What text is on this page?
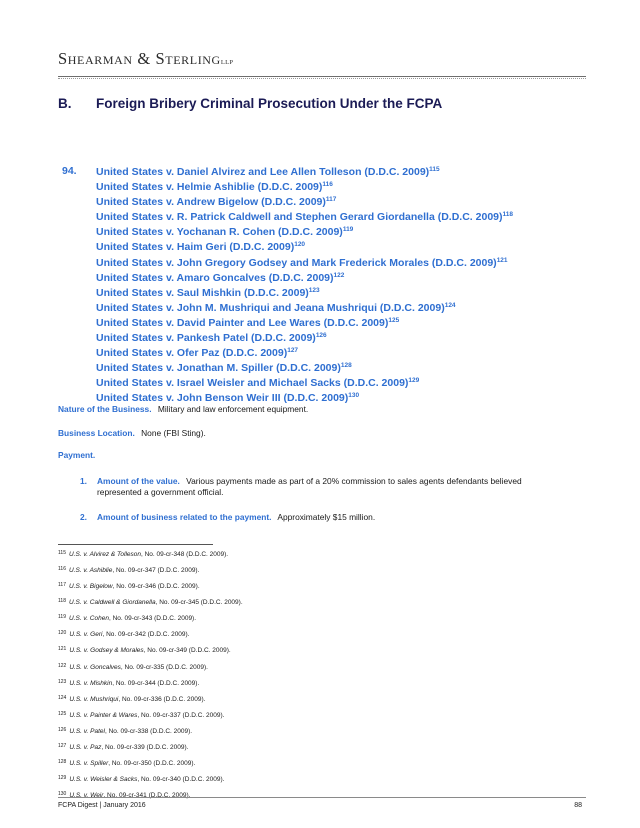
Shearman & SterlingLLP
B. Foreign Bribery Criminal Prosecution Under the FCPA
94. United States v. Daniel Alvirez and Lee Allen Tolleson (D.D.C. 2009)$^{115}$
United States v. Helmie Ashiblie (D.D.C. 2009)$^{116}$
United States v. Andrew Bigelow (D.D.C. 2009)$^{117}$
United States v. R. Patrick Caldwell and Stephen Gerard Giordanella (D.D.C. 2009)$^{118}$
United States v. Yochanan R. Cohen (D.D.C. 2009)$^{119}$
United States v. Haim Geri (D.D.C. 2009)$^{120}$
United States v. John Gregory Godsey and Mark Frederick Morales (D.D.C. 2009)$^{121}$
United States v. Amaro Goncalves (D.D.C. 2009)$^{122}$
United States v. Saul Mishkin (D.D.C. 2009)$^{123}$
United States v. John M. Mushriqui and Jeana Mushriqui (D.D.C. 2009)$^{124}$
United States v. David Painter and Lee Wares (D.D.C. 2009)$^{125}$
United States v. Pankesh Patel (D.D.C. 2009)$^{126}$
United States v. Ofer Paz (D.D.C. 2009)$^{127}$
United States v. Jonathan M. Spiller (D.D.C. 2009)$^{128}$
United States v. Israel Weisler and Michael Sacks (D.D.C. 2009)$^{129}$
United States v. John Benson Weir III (D.D.C. 2009)$^{130}$
Nature of the Business. Military and law enforcement equipment.
Business Location. None (FBI Sting).
Payment.
1. Amount of the value. Various payments made as part of a 20% commission to sales agents defendants believed represented a government official.
2. Amount of business related to the payment. Approximately $15 million.
$^{115}$ U.S. v. Alvirez & Tolleson, No. 09-cr-348 (D.D.C. 2009).
$^{116}$ U.S. v. Ashiblie, No. 09-cr-347 (D.D.C. 2009).
$^{117}$ U.S. v. Bigelow, No. 09-cr-346 (D.D.C. 2009).
$^{118}$ U.S. v. Caldwell & Giordanella, No. 09-cr-345 (D.D.C. 2009).
$^{119}$ U.S. v. Cohen, No. 09-cr-343 (D.D.C. 2009).
$^{120}$ U.S. v. Geri, No. 09-cr-342 (D.D.C. 2009).
$^{121}$ U.S. v. Godsey & Morales, No. 09-cr-349 (D.D.C. 2009).
$^{122}$ U.S. v. Goncalves, No. 09-cr-335 (D.D.C. 2009).
$^{123}$ U.S. v. Mishkin, No. 09-cr-344 (D.D.C. 2009).
$^{124}$ U.S. v. Mushriqui, No. 09-cr-336 (D.D.C. 2009).
$^{125}$ U.S. v. Painter & Wares, No. 09-cr-337 (D.D.C. 2009).
$^{126}$ U.S. v. Patel, No. 09-cr-338 (D.D.C. 2009).
$^{127}$ U.S. v. Paz, No. 09-cr-339 (D.D.C. 2009).
$^{128}$ U.S. v. Spiller, No. 09-cr-350 (D.D.C. 2009).
$^{129}$ U.S. v. Weisler & Sacks, No. 09-cr-340 (D.D.C. 2009).
$^{130}$ U.S. v. Weir, No. 09-cr-341 (D.D.C. 2009).
FCPA Digest | January 2016	88
